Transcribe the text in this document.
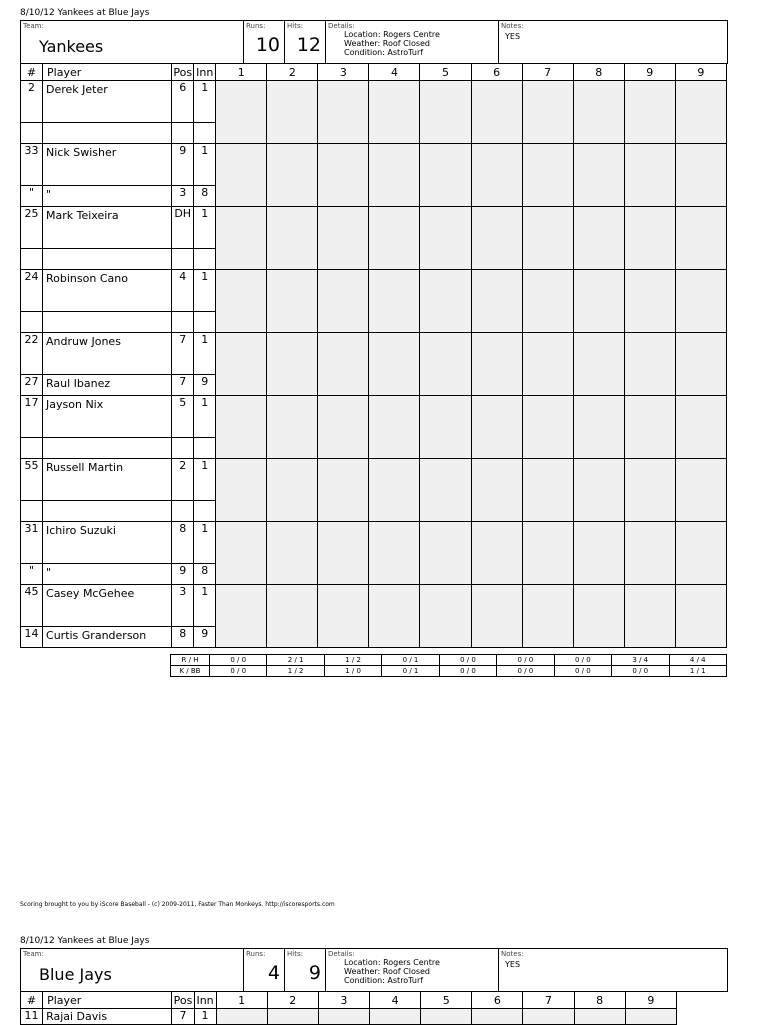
8/10/12 Yankees at Blue Jays
Team:
Yankees
Runs:
10
Hits:
12
Details:
Location: Rogers Centre
Weather: Roof Closed
Condition: AstroTurf
Notes:
YES
#	Player	Pos	Inn	1	2	3	4	5	6	7	8	9	9
2	Derek Jeter	6	1										

33	Nick Swisher	9	1										
"	"	3	8										
25	Mark Teixeira	DH	1										

24	Robinson Cano	4	1										

22	Andruw Jones	7	1										
27	Raul Ibanez	7	9										
17	Jayson Nix	5	1										

55	Russell Martin	2	1										

31	Ichiro Suzuki	8	1										
"	"	9	8										
45	Casey McGehee	3	1										
14	Curtis Granderson	8	9										
R / H	0 / 0	2 / 1	1 / 2	0 / 1	0 / 0	0 / 0	0 / 0	3 / 4	4 / 4
K / BB	0 / 0	1 / 2	1 / 0	0 / 1	0 / 0	0 / 0	0 / 0	0 / 0	1 / 1
Scoring brought to you by iScore Baseball - (c) 2009-2011, Faster Than Monkeys. http://iscoresports.com
8/10/12 Yankees at Blue Jays
Team:
Blue Jays
Runs:
4
Hits:
9
Details:
Location: Rogers Centre
Weather: Roof Closed
Condition: AstroTurf
Notes:
YES
#	Player	Pos	Inn	1	2	3	4	5	6	7	8	9
11	Rajai Davis	7	1									
